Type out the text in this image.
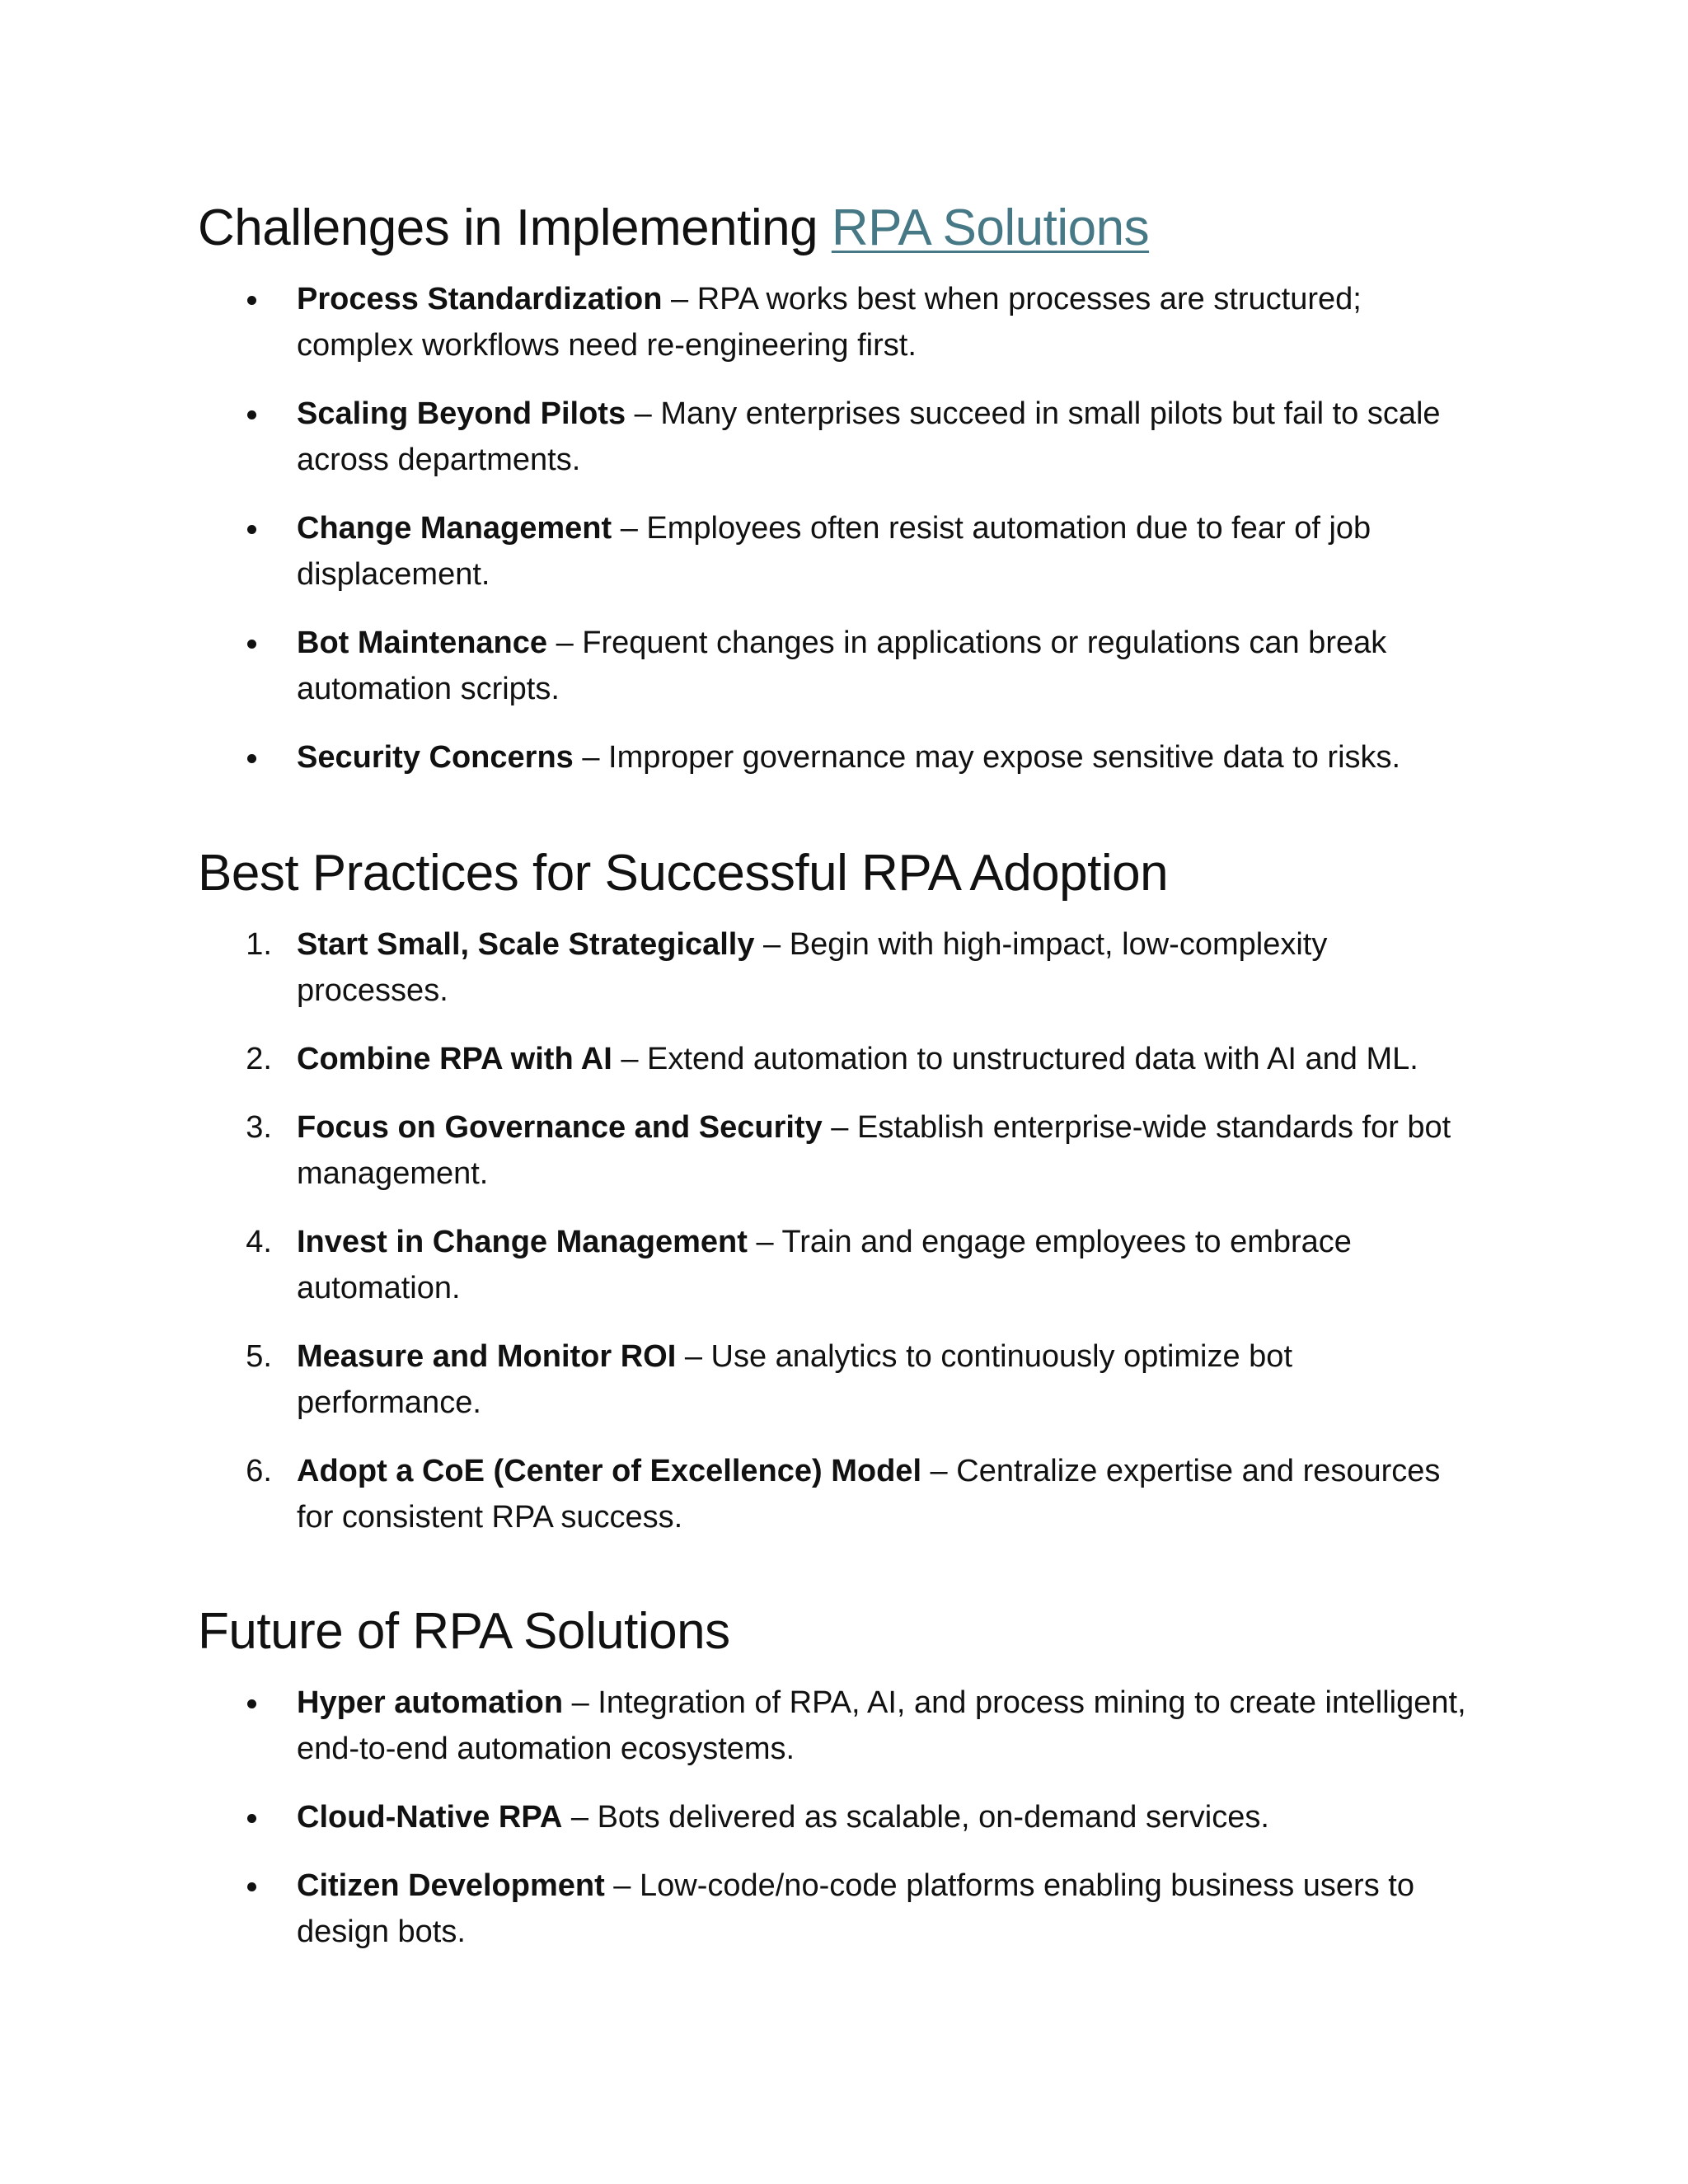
Challenges in Implementing RPA Solutions
Process Standardization – RPA works best when processes are structured; complex workflows need re-engineering first.
Scaling Beyond Pilots – Many enterprises succeed in small pilots but fail to scale across departments.
Change Management – Employees often resist automation due to fear of job displacement.
Bot Maintenance – Frequent changes in applications or regulations can break automation scripts.
Security Concerns – Improper governance may expose sensitive data to risks.
Best Practices for Successful RPA Adoption
1. Start Small, Scale Strategically – Begin with high-impact, low-complexity processes.
2. Combine RPA with AI – Extend automation to unstructured data with AI and ML.
3. Focus on Governance and Security – Establish enterprise-wide standards for bot management.
4. Invest in Change Management – Train and engage employees to embrace automation.
5. Measure and Monitor ROI – Use analytics to continuously optimize bot performance.
6. Adopt a CoE (Center of Excellence) Model – Centralize expertise and resources for consistent RPA success.
Future of RPA Solutions
Hyper automation – Integration of RPA, AI, and process mining to create intelligent, end-to-end automation ecosystems.
Cloud-Native RPA – Bots delivered as scalable, on-demand services.
Citizen Development – Low-code/no-code platforms enabling business users to design bots.
